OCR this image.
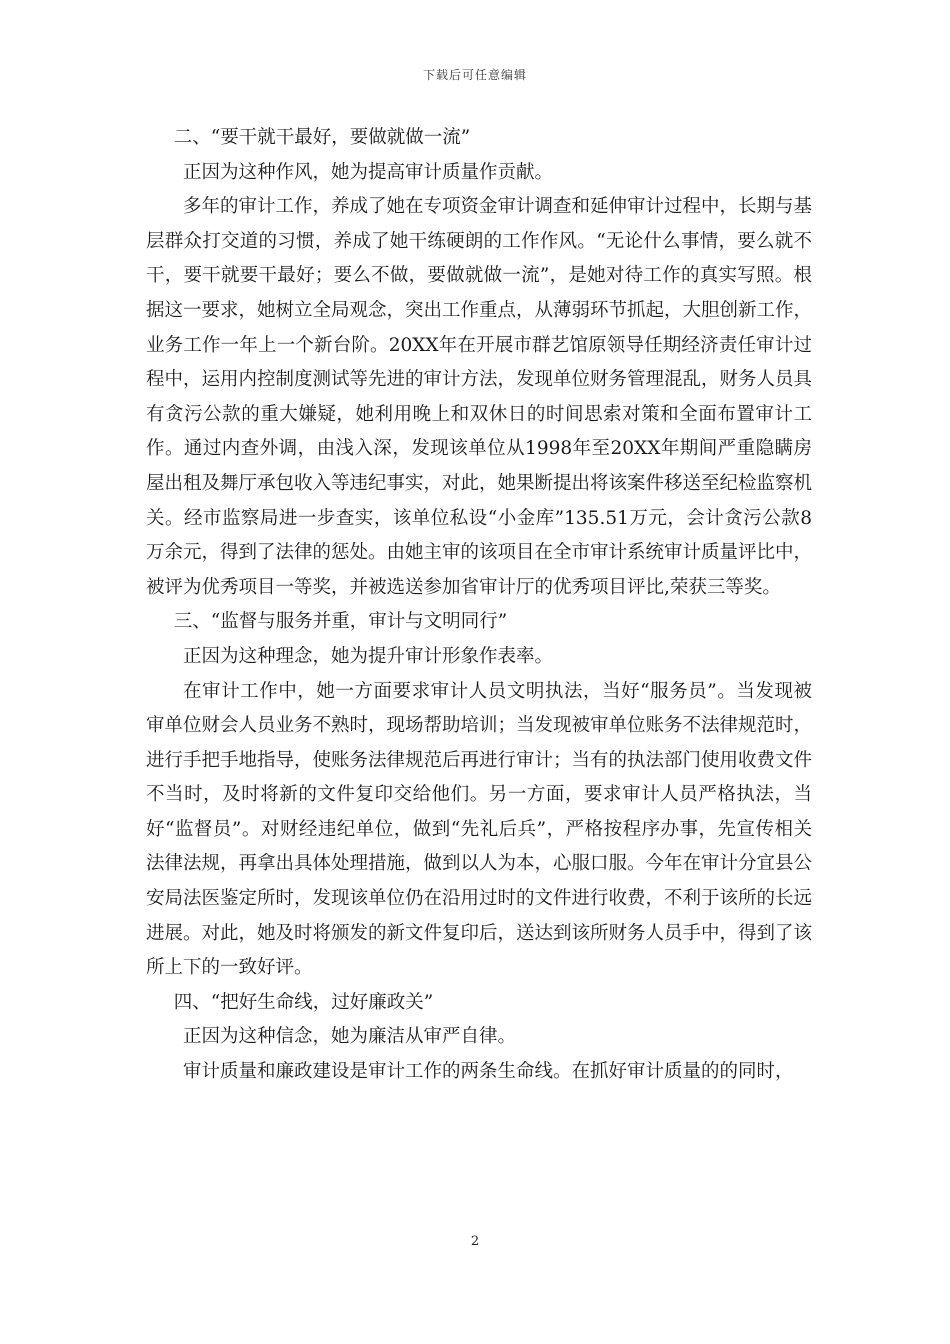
下载后可任意编辑

二、“要干就干最好，要做就做一流”

正因为这种作风，她为提高审计质量作贡献。

多年的审计工作，养成了她在专项资金审计调查和延伸审计过程中，长期与基层群众打交道的习惯，养成了她干练硬朗的工作作风。“无论什么事情，要么就不干，要干就要干最好；要么不做，要做就做一流”，是她对待工作的真实写照。根据这一要求，她树立全局观念，突出工作重点，从薄弱环节抓起，大胆创新工作，业务工作一年上一个新台阶。20XX年在开展市群艺馆原领导任期经济责任审计过程中，运用内控制度测试等先进的审计方法，发现单位财务管理混乱，财务人员具有贪污公款的重大嫌疑，她利用晚上和双休日的时间思索对策和全面布置审计工作。通过内查外调，由浅入深，发现该单位从1998年至20XX年期间严重隐瞒房屋出租及舞厅承包收入等违纪事实，对此，她果断提出将该案件移送至纪检监察机关。经市监察局进一步查实，该单位私设“小金库”135.51万元，会计贪污公款8万余元，得到了法律的惩处。由她主审的该项目在全市审计系统审计质量评比中，被评为优秀项目一等奖，并被选送参加省审计厅的优秀项目评比,荣获三等奖。

三、“监督与服务并重，审计与文明同行”

正因为这种理念，她为提升审计形象作表率。

在审计工作中，她一方面要求审计人员文明执法，当好“服务员”。当发现被审单位财会人员业务不熟时，现场帮助培训；当发现被审单位账务不法律规范时，进行手把手地指导，使账务法律规范后再进行审计；当有的执法部门使用收费文件不当时，及时将新的文件复印交给他们。另一方面，要求审计人员严格执法，当好“监督员”。对财经违纪单位，做到“先礼后兵”，严格按程序办事，先宣传相关法律法规，再拿出具体处理措施，做到以人为本，心服口服。今年在审计分宜县公安局法医鉴定所时，发现该单位仍在沿用过时的文件进行收费，不利于该所的长远进展。对此，她及时将颁发的新文件复印后，送达到该所财务人员手中，得到了该所上下的一致好评。

四、“把好生命线，过好廉政关”

正因为这种信念，她为廉洁从审严自律。

审计质量和廉政建设是审计工作的两条生命线。在抓好审计质量的的同时，

2
